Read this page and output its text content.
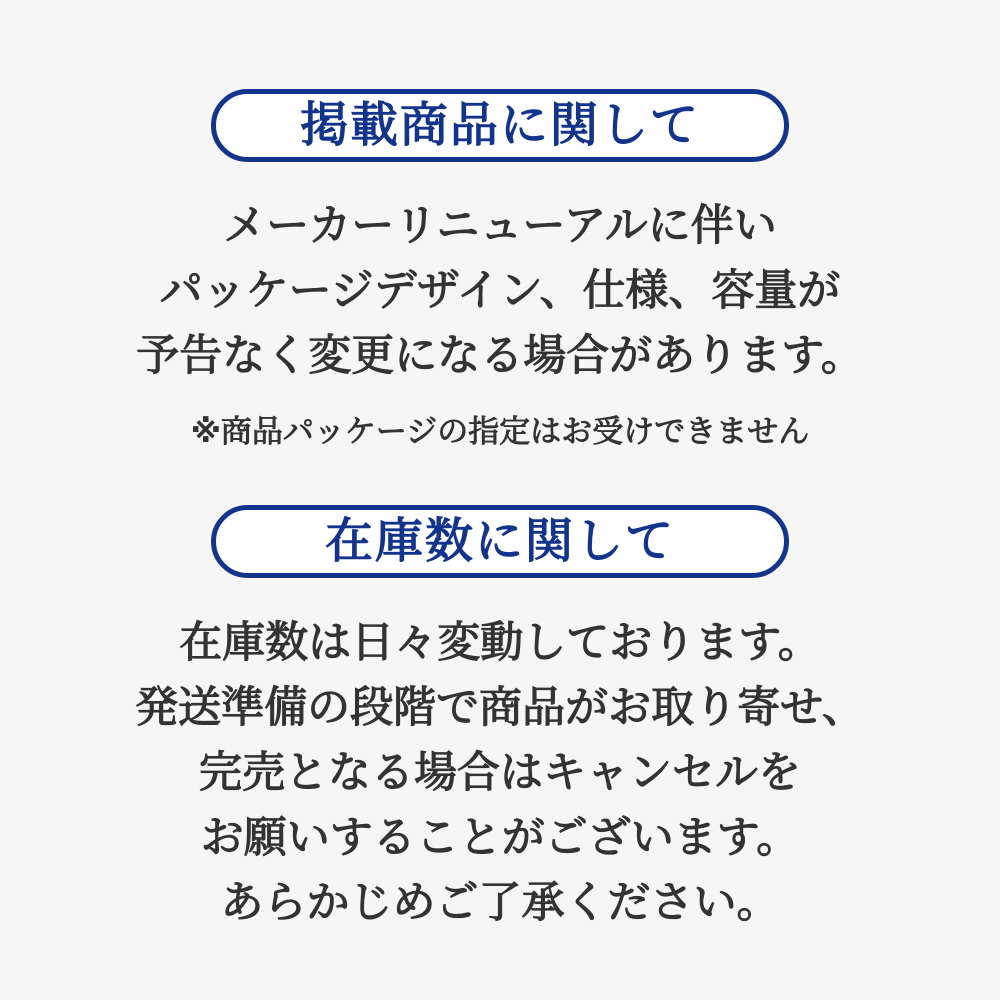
掲載商品に関して
メーカーリニューアルに伴い
パッケージデザイン、仕様、容量が
予告なく変更になる場合があります。
※商品パッケージの指定はお受けできません
在庫数に関して
在庫数は日々変動しております。
発送準備の段階で商品がお取り寄せ、
完売となる場合はキャンセルを
お願いすることがございます。
あらかじめご了承ください。
